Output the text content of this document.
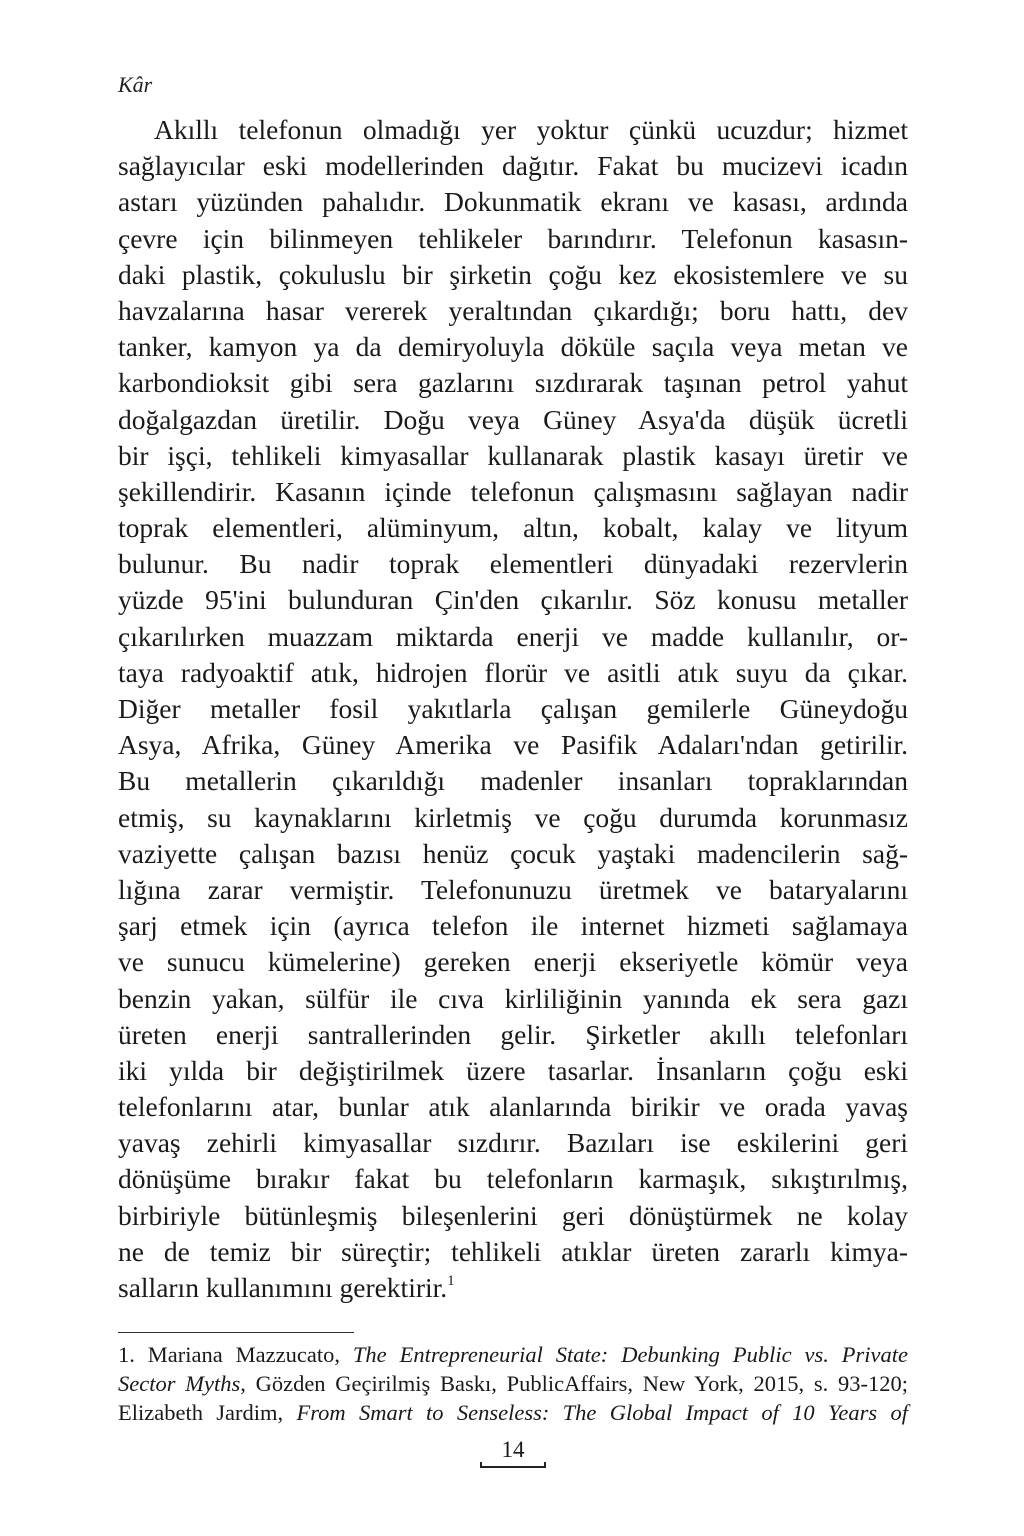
Kâr
Akıllı telefonun olmadığı yer yoktur çünkü ucuzdur; hizmet
sağlayıcılar eski modellerinden dağıtır. Fakat bu mucizevi icadın
astarı yüzünden pahalıdır. Dokunmatik ekranı ve kasası, ardında
çevre için bilinmeyen tehlikeler barındırır. Telefonun kasasın-
daki plastik, çokuluslu bir şirketin çoğu kez ekosistemlere ve su
havzalarına hasar vererek yeraltından çıkardığı; boru hattı, dev
tanker, kamyon ya da demiryoluyla döküle saçıla veya metan ve
karbondioksit gibi sera gazlarını sızdırarak taşınan petrol yahut
doğalgazdan üretilir. Doğu veya Güney Asya'da düşük ücretli
bir işçi, tehlikeli kimyasallar kullanarak plastik kasayı üretir ve
şekillendirir. Kasanın içinde telefonun çalışmasını sağlayan nadir
toprak elementleri, alüminyum, altın, kobalt, kalay ve lityum
bulunur. Bu nadir toprak elementleri dünyadaki rezervlerin
yüzde 95'ini bulunduran Çin'den çıkarılır. Söz konusu metaller
çıkarılırken muazzam miktarda enerji ve madde kullanılır, or-
taya radyoaktif atık, hidrojen florür ve asitli atık suyu da çıkar.
Diğer metaller fosil yakıtlarla çalışan gemilerle Güneydoğu
Asya, Afrika, Güney Amerika ve Pasifik Adaları'ndan getirilir.
Bu metallerin çıkarıldığı madenler insanları topraklarından
etmiş, su kaynaklarını kirletmiş ve çoğu durumda korunmasız
vaziyette çalışan bazısı henüz çocuk yaştaki madencilerin sağ-
lığına zarar vermiştir. Telefonunuzu üretmek ve bataryalarını
şarj etmek için (ayrıca telefon ile internet hizmeti sağlamaya
ve sunucu kümelerine) gereken enerji ekseriyetle kömür veya
benzin yakan, sülfür ile cıva kirliliğinin yanında ek sera gazı
üreten enerji santrallerinden gelir. Şirketler akıllı telefonları
iki yılda bir değiştirilmek üzere tasarlar. İnsanların çoğu eski
telefonlarını atar, bunlar atık alanlarında birikir ve orada yavaş
yavaş zehirli kimyasallar sızdırır. Bazıları ise eskilerini geri
dönüşüme bırakır fakat bu telefonların karmaşık, sıkıştırılmış,
birbiriyle bütünleşmiş bileşenlerini geri dönüştürmek ne kolay
ne de temiz bir süreçtir; tehlikeli atıklar üreten zararlı kimya-
salların kullanımını gerektirir.$^1$
1. Mariana Mazzucato, The Entrepreneurial State: Debunking Public vs. Private
Sector Myths, Gözden Geçirilmiş Baskı, PublicAffairs, New York, 2015, s. 93-120;
Elizabeth Jardim, From Smart to Senseless: The Global Impact of 10 Years of
14
